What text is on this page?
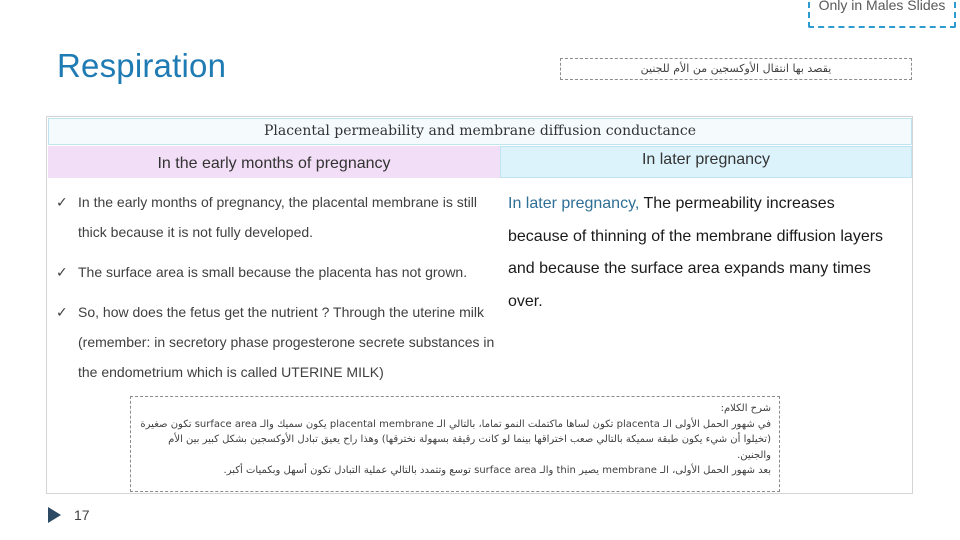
Only in Males Slides
Respiration	يقصد بها انتقال الأوكسجين من الأم للجنين
Placental permeability and membrane diffusion conductance
In the early months of pregnancy	In later pregnancy
✓ In the early months of pregnancy, the placental membrane is still thick because it is not fully developed.
✓ The surface area is small because the placenta has not grown.
✓ So, how does the fetus get the nutrient ? Through the uterine milk (remember: in secretory phase progesterone secrete substances in the endometrium which is called UTERINE MILK)
In later pregnancy, The permeability increases because of thinning of the membrane diffusion layers and because the surface area expands many times over.
شرح الكلام:
في شهور الحمل الأولى الـ placenta تكون لساها ماكتملت النمو تماما، بالتالي الـ placental membrane يكون سميك والـ surface area تكون صغيرة
(تخيلوا أن شيء يكون طبقة سميكة بالتالي صعب اختراقها بينما لو كانت رقيقة بسهولة نخترقها) وهذا راح يعيق تبادل الأوكسجين بشكل كبير بين الأم
والجنين.
بعد شهور الحمل الأولى، الـ membrane يصير thin والـ surface area توسع وتتمدد بالتالي عملية التبادل تكون أسهل وبكميات أكبر.
17
